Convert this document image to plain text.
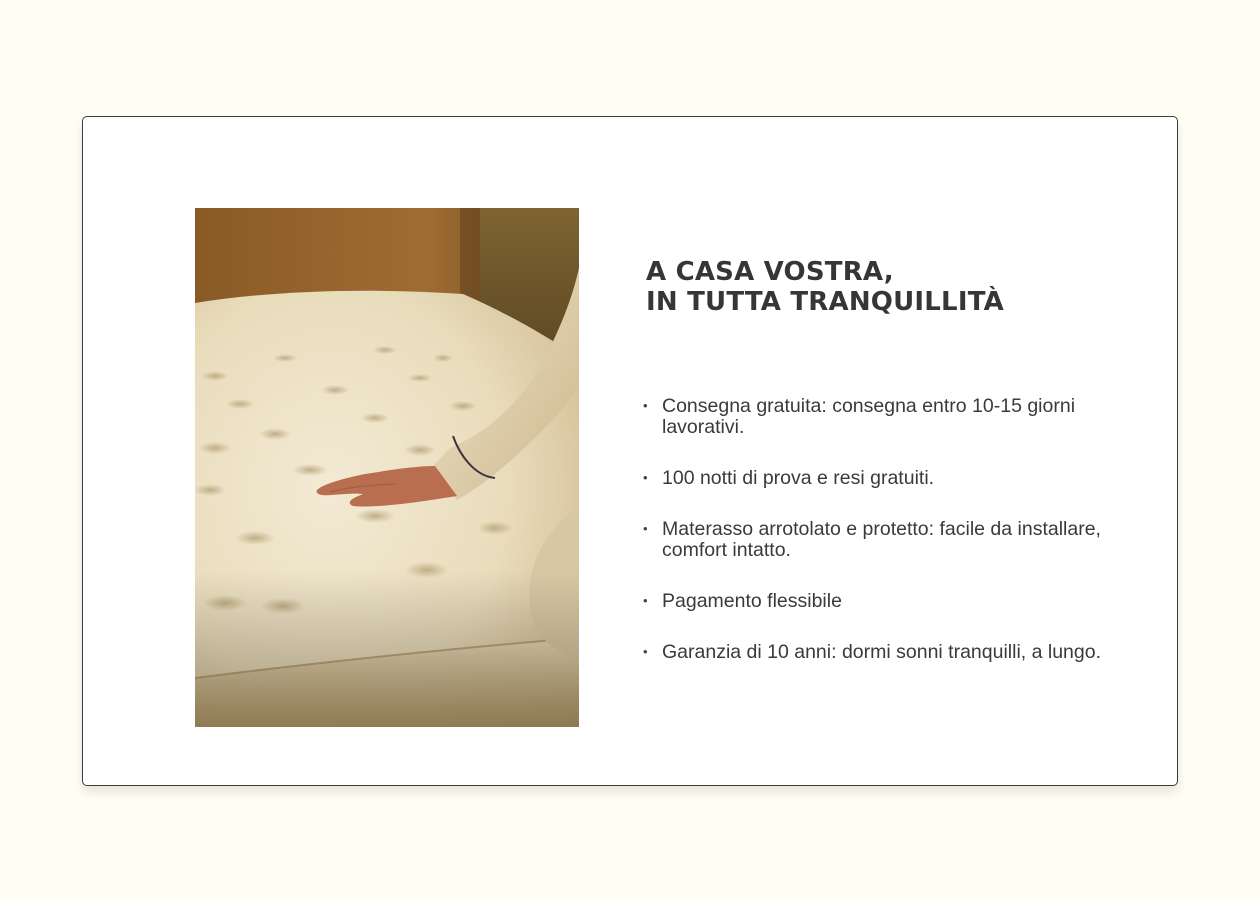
A CASA VOSTRA,
IN TUTTA TRANQUILLITÀ
• Consegna gratuita: consegna entro 10-15 giorni lavorativi.
• 100 notti di prova e resi gratuiti.
• Materasso arrotolato e protetto: facile da installare, comfort intatto.
• Pagamento flessibile
• Garanzia di 10 anni: dormi sonni tranquilli, a lungo.
